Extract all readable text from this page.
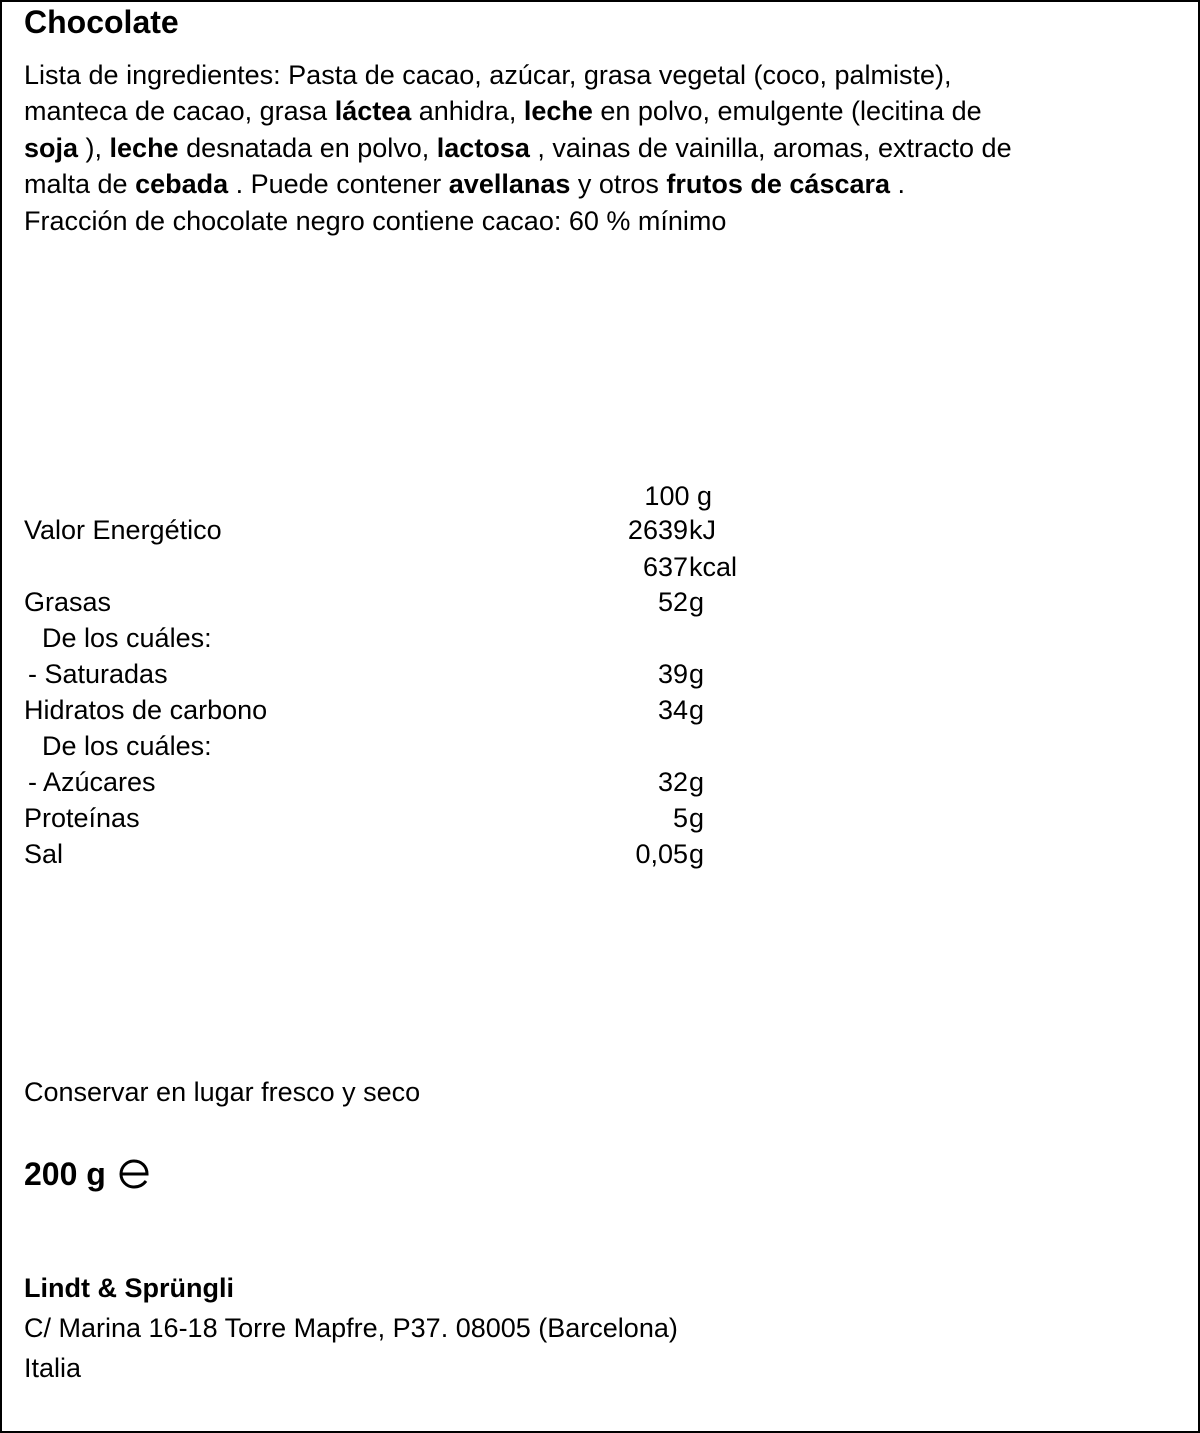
Chocolate
Lista de ingredientes: Pasta de cacao, azúcar, grasa vegetal (coco, palmiste),
manteca de cacao, grasa láctea anhidra, leche en polvo, emulgente (lecitina de
soja ), leche desnatada en polvo, lactosa , vainas de vainilla, aromas, extracto de
malta de cebada . Puede contener avellanas y otros frutos de cáscara .
Fracción de chocolate negro contiene cacao: 60 % mínimo
100 g
Valor Energético	2639 kJ
637 kcal
Grasas	52 g
De los cuáles:
- Saturadas	39 g
Hidratos de carbono	34 g
De los cuáles:
- Azúcares	32 g
Proteínas	5 g
Sal	0,05 g
Conservar en lugar fresco y seco
200 g
Lindt & Sprüngli
C/ Marina 16-18 Torre Mapfre, P37. 08005 (Barcelona)
Italia
